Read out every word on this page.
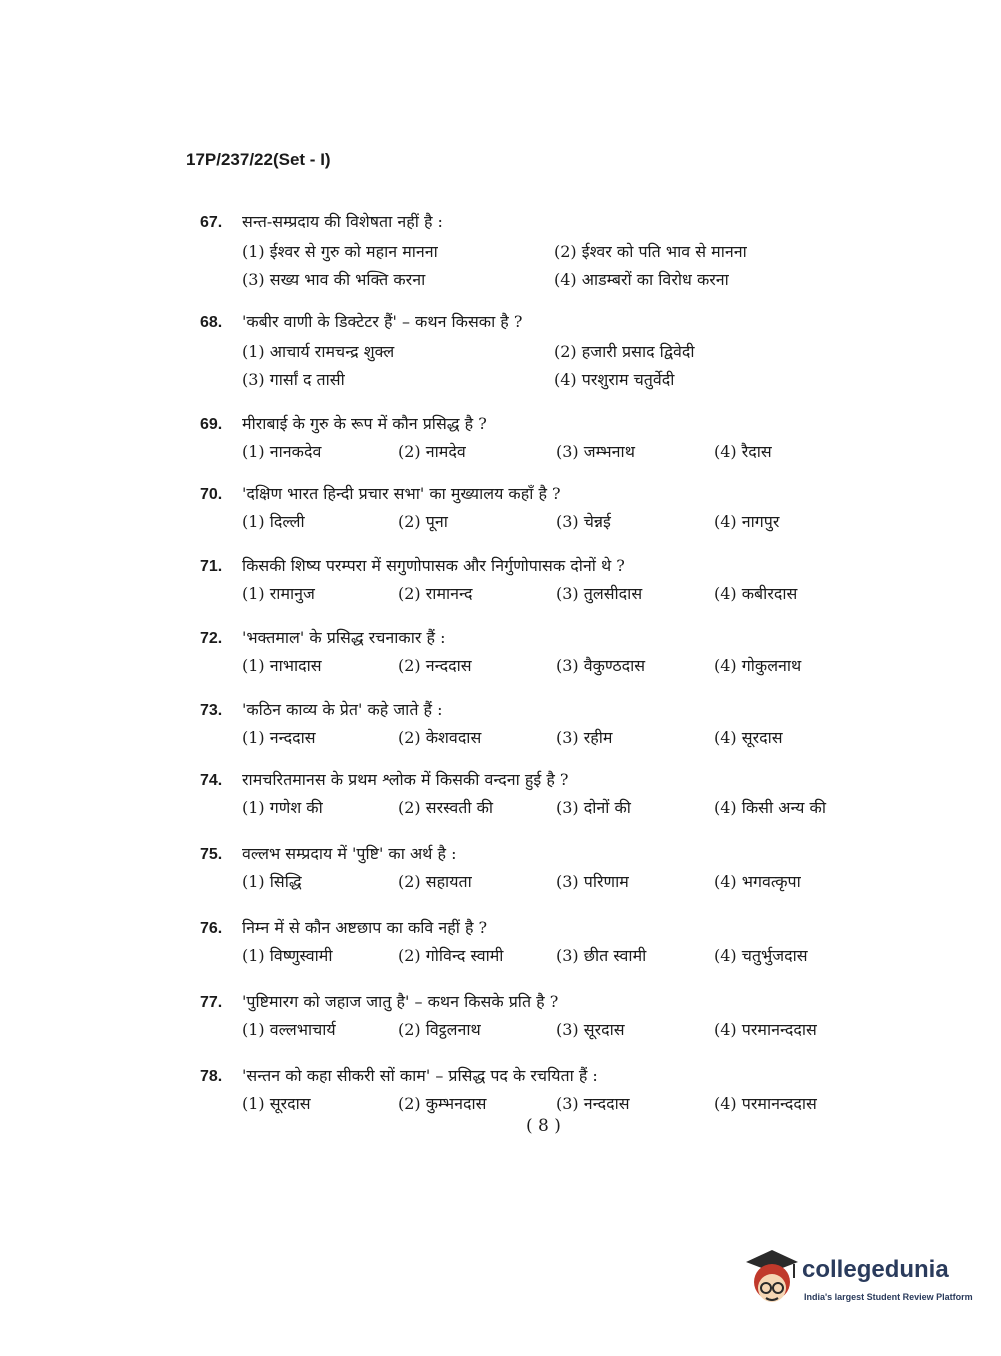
17P/237/22(Set - I)
67.	सन्त-सम्प्रदाय की विशेषता नहीं है :
(1) ईश्वर से गुरु को महान मानना	(2) ईश्वर को पति भाव से मानना
(3) सख्य भाव की भक्ति करना	(4) आडम्बरों का विरोध करना
68.	'कबीर वाणी के डिक्टेटर हैं' – कथन किसका है ?
(1) आचार्य रामचन्द्र शुक्ल	(2) हजारी प्रसाद द्विवेदी
(3) गार्सां द तासी	(4) परशुराम चतुर्वेदी
69.	मीराबाई के गुरु के रूप में कौन प्रसिद्ध है ?
(1) नानकदेव	(2) नामदेव	(3) जम्भनाथ	(4) रैदास
70.	'दक्षिण भारत हिन्दी प्रचार सभा' का मुख्यालय कहाँ है ?
(1) दिल्ली	(2) पूना	(3) चेन्नई	(4) नागपुर
71.	किसकी शिष्य परम्परा में सगुणोपासक और निर्गुणोपासक दोनों थे ?
(1) रामानुज	(2) रामानन्द	(3) तुलसीदास	(4) कबीरदास
72.	'भक्तमाल' के प्रसिद्ध रचनाकार हैं :
(1) नाभादास	(2) नन्ददास	(3) वैकुण्ठदास	(4) गोकुलनाथ
73.	'कठिन काव्य के प्रेत' कहे जाते हैं :
(1) नन्ददास	(2) केशवदास	(3) रहीम	(4) सूरदास
74.	रामचरितमानस के प्रथम श्लोक में किसकी वन्दना हुई है ?
(1) गणेश की	(2) सरस्वती की	(3) दोनों की	(4) किसी अन्य की
75.	वल्लभ सम्प्रदाय में 'पुष्टि' का अर्थ है :
(1) सिद्धि	(2) सहायता	(3) परिणाम	(4) भगवत्कृपा
76.	निम्न में से कौन अष्टछाप का कवि नहीं है ?
(1) विष्णुस्वामी	(2) गोविन्द स्वामी	(3) छीत स्वामी	(4) चतुर्भुजदास
77.	'पुष्टिमारग को जहाज जातु है' – कथन किसके प्रति है ?
(1) वल्लभाचार्य	(2) विट्ठलनाथ	(3) सूरदास	(4) परमानन्ददास
78.	'सन्तन को कहा सीकरी सों काम' – प्रसिद्ध पद के रचयिता हैं :
(1) सूरदास	(2) कुम्भनदास	(3) नन्ददास	(4) परमानन्ददास
( 8 )
collegedunia
India's largest Student Review Platform
